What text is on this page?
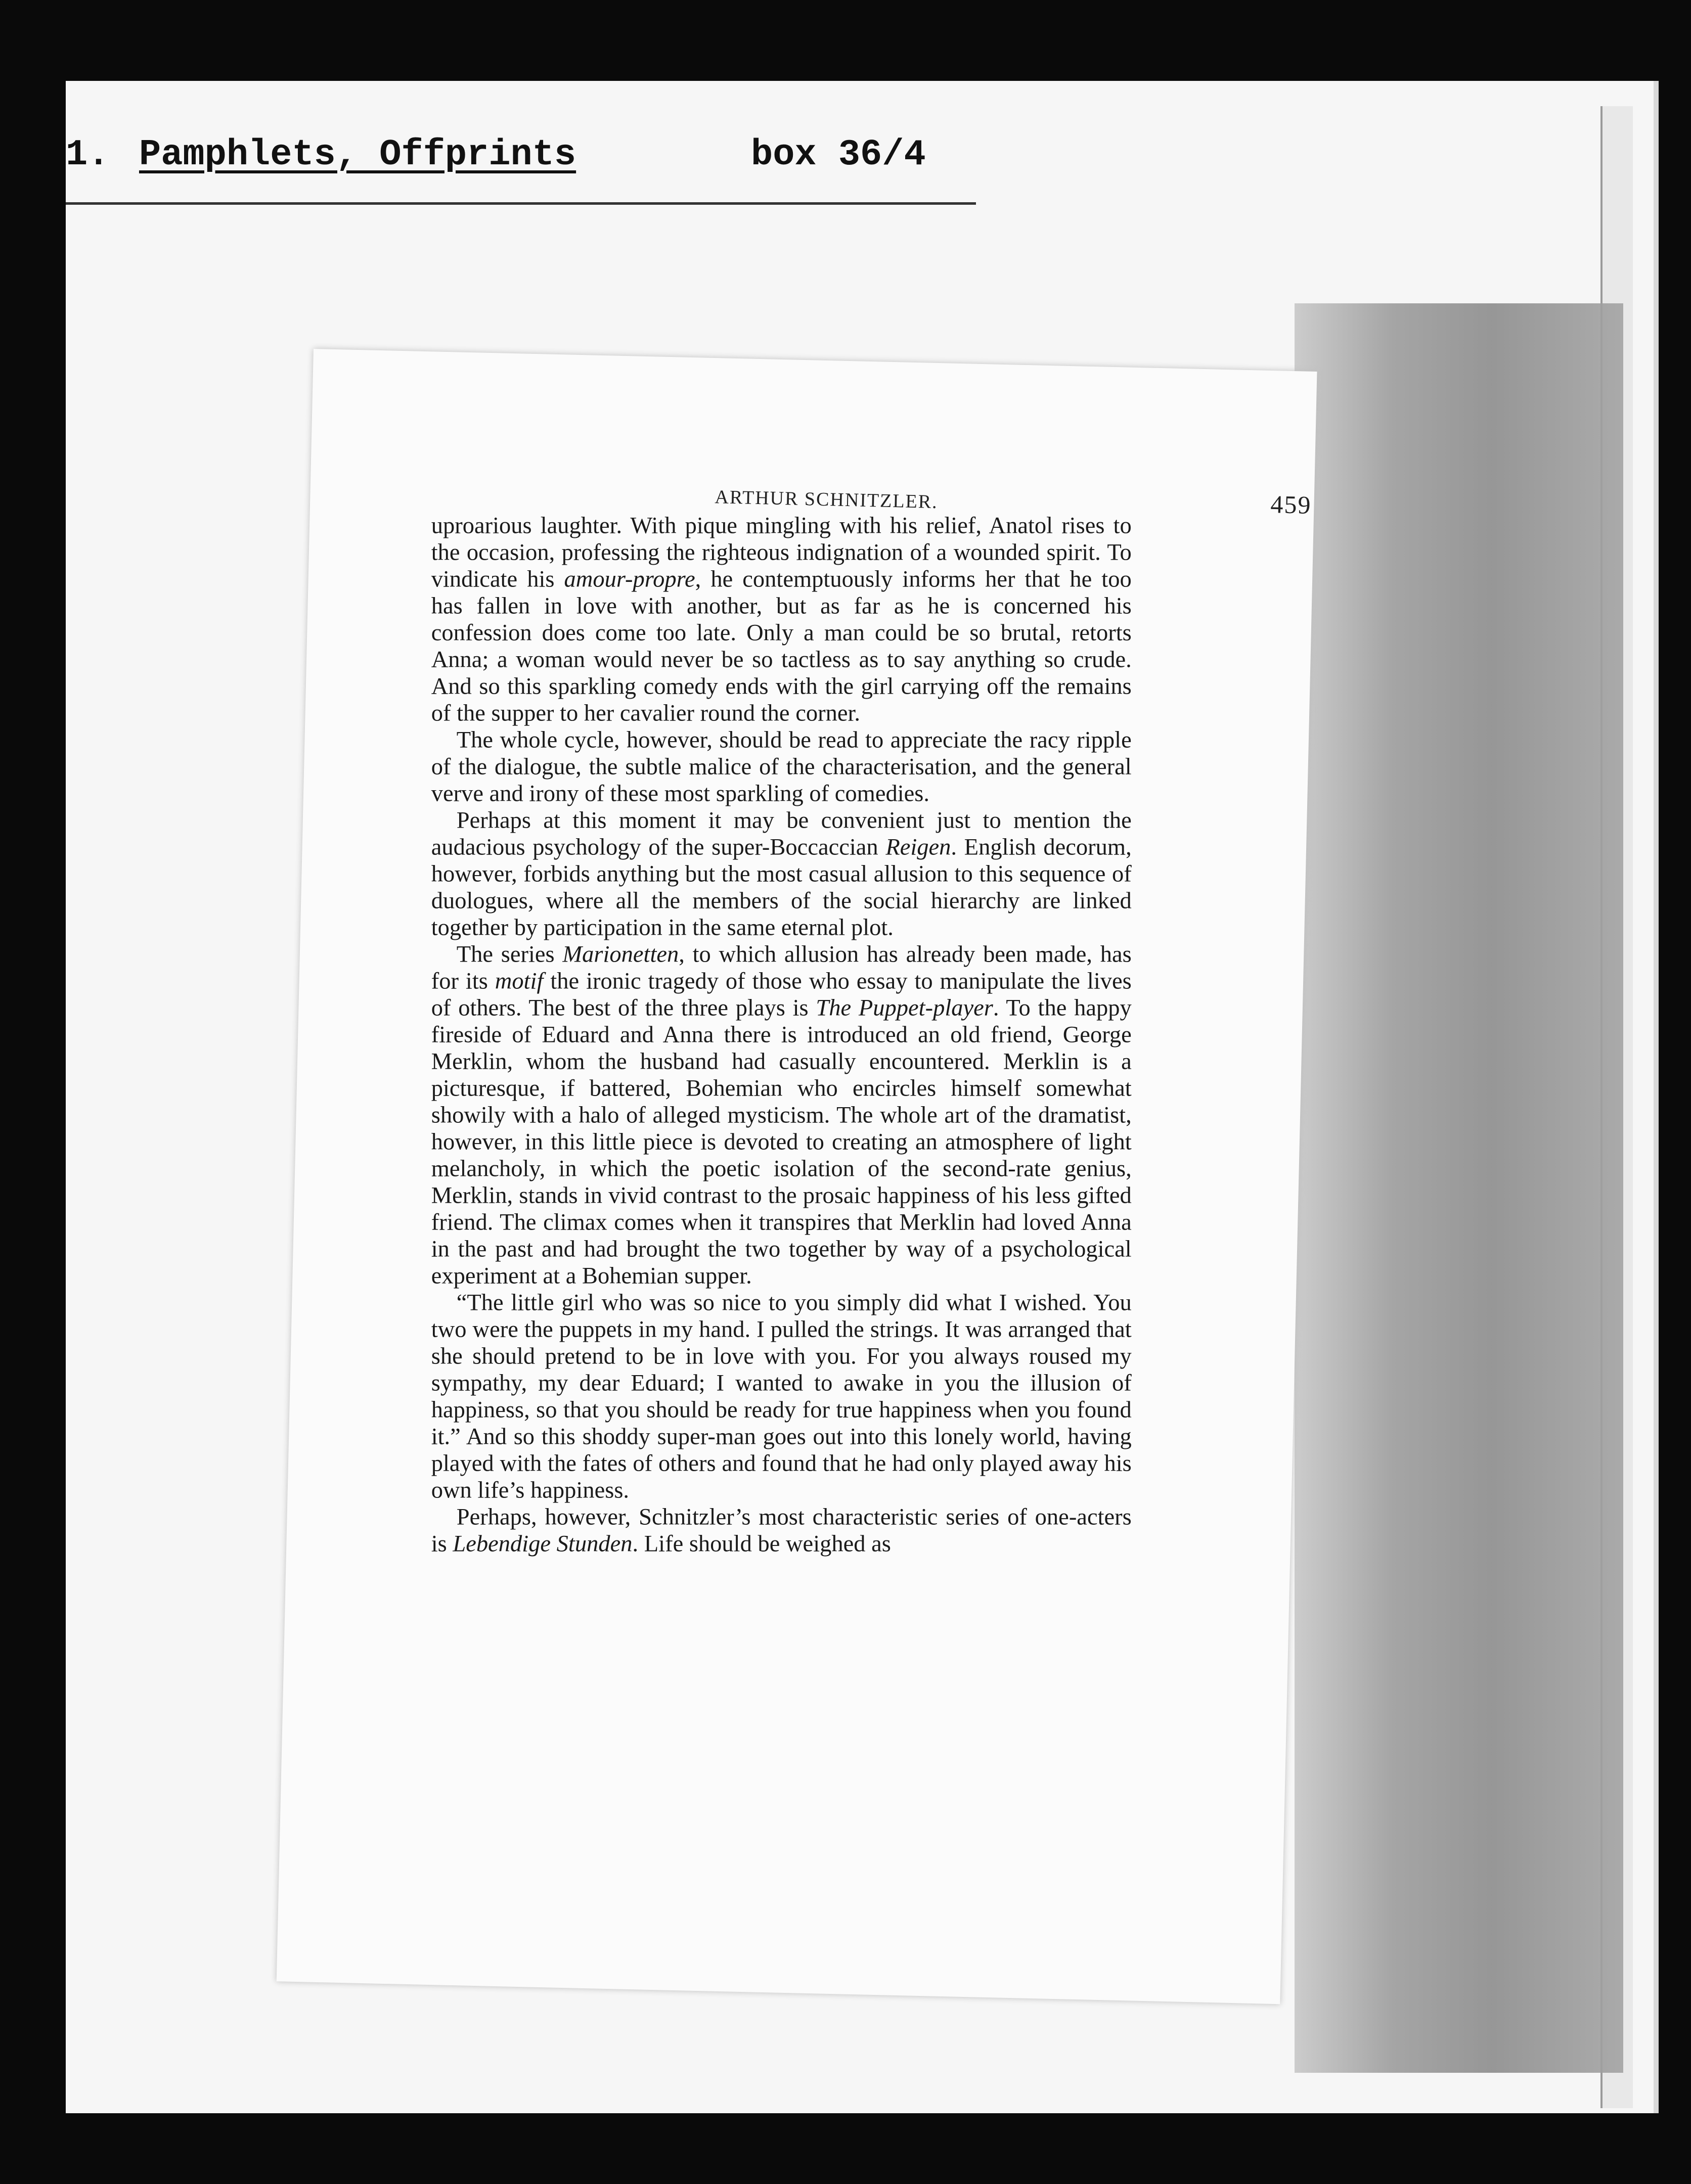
1. Pamphlets, Offprints	box 36/4
ARTHUR SCHNITZLER.	459

uproarious laughter. With pique mingling with his relief, Anatol rises to the occasion, professing the righteous indignation of a wounded spirit. To vindicate his amour-propre, he contemptuously informs her that he too has fallen in love with another, but as far as he is concerned his confession does come too late. Only a man could be so brutal, retorts Anna; a woman would never be so tactless as to say anything so crude. And so this sparkling comedy ends with the girl carrying off the remains of the supper to her cavalier round the corner.

The whole cycle, however, should be read to appreciate the racy ripple of the dialogue, the subtle malice of the characterisation, and the general verve and irony of these most sparkling of comedies.

Perhaps at this moment it may be convenient just to mention the audacious psychology of the super-Boccaccian Reigen. English decorum, however, forbids anything but the most casual allusion to this sequence of duologues, where all the members of the social hierarchy are linked together by participation in the same eternal plot.

The series Marionetten, to which allusion has already been made, has for its motif the ironic tragedy of those who essay to manipulate the lives of others. The best of the three plays is The Puppet-player. To the happy fireside of Eduard and Anna there is introduced an old friend, George Merklin, whom the husband had casually encountered. Merklin is a picturesque, if battered, Bohemian who encircles himself somewhat showily with a halo of alleged mysticism. The whole art of the dramatist, however, in this little piece is devoted to creating an atmosphere of light melancholy, in which the poetic isolation of the second-rate genius, Merklin, stands in vivid contrast to the prosaic happiness of his less gifted friend. The climax comes when it transpires that Merklin had loved Anna in the past and had brought the two together by way of a psychological experiment at a Bohemian supper.

“The little girl who was so nice to you simply did what I wished. You two were the puppets in my hand. I pulled the strings. It was arranged that she should pretend to be in love with you. For you always roused my sympathy, my dear Eduard; I wanted to awake in you the illusion of happiness, so that you should be ready for true happiness when you found it.” And so this shoddy super-man goes out into this lonely world, having played with the fates of others and found that he had only played away his own life’s happiness.

Perhaps, however, Schnitzler’s most characteristic series of one-acters is Lebendige Stunden. Life should be weighed as
